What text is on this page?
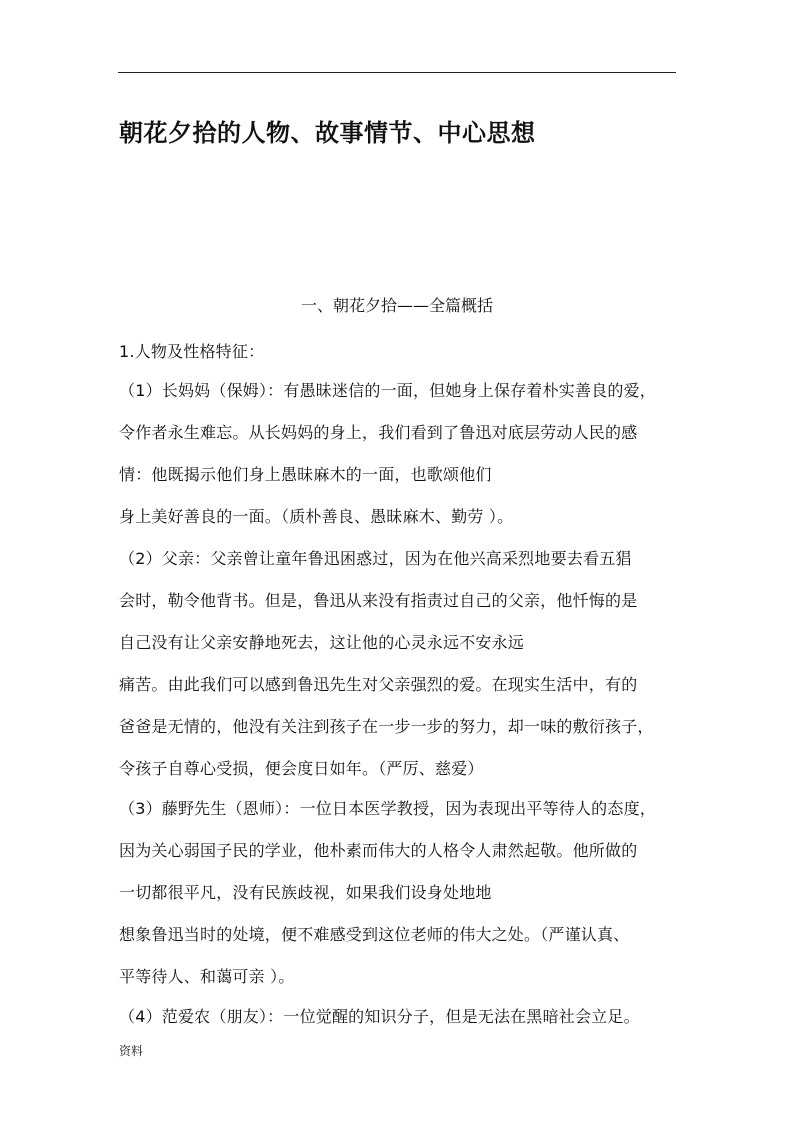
朝花夕拾的人物、故事情节、中心思想
一、朝花夕拾——全篇概括
1.人物及性格特征：
（1）长妈妈（保姆）：有愚昧迷信的一面，但她身上保存着朴实善良的爱，
令作者永生难忘。从长妈妈的身上，我们看到了鲁迅对底层劳动人民的感
情：他既揭示他们身上愚昧麻木的一面，也歌颂他们
身上美好善良的一面。（质朴善良、愚昧麻木、勤劳 ）。
（2）父亲：父亲曾让童年鲁迅困惑过，因为在他兴高采烈地要去看五猖
会时，勒令他背书。但是，鲁迅从来没有指责过自己的父亲，他忏悔的是
自己没有让父亲安静地死去，这让他的心灵永远不安永远
痛苦。由此我们可以感到鲁迅先生对父亲强烈的爱。在现实生活中，有的
爸爸是无情的，他没有关注到孩子在一步一步的努力，却一味的敷衍孩子，
令孩子自尊心受损，便会度日如年。（严厉、慈爱）
（3）藤野先生（恩师）：一位日本医学教授，因为表现出平等待人的态度，
因为关心弱国子民的学业，他朴素而伟大的人格令人肃然起敬。他所做的
一切都很平凡，没有民族歧视，如果我们设身处地地
想象鲁迅当时的处境，便不难感受到这位老师的伟大之处。（严谨认真、
平等待人、和蔼可亲 ）。
（4）范爱农（朋友）：一位觉醒的知识分子，但是无法在黑暗社会立足。
资料
